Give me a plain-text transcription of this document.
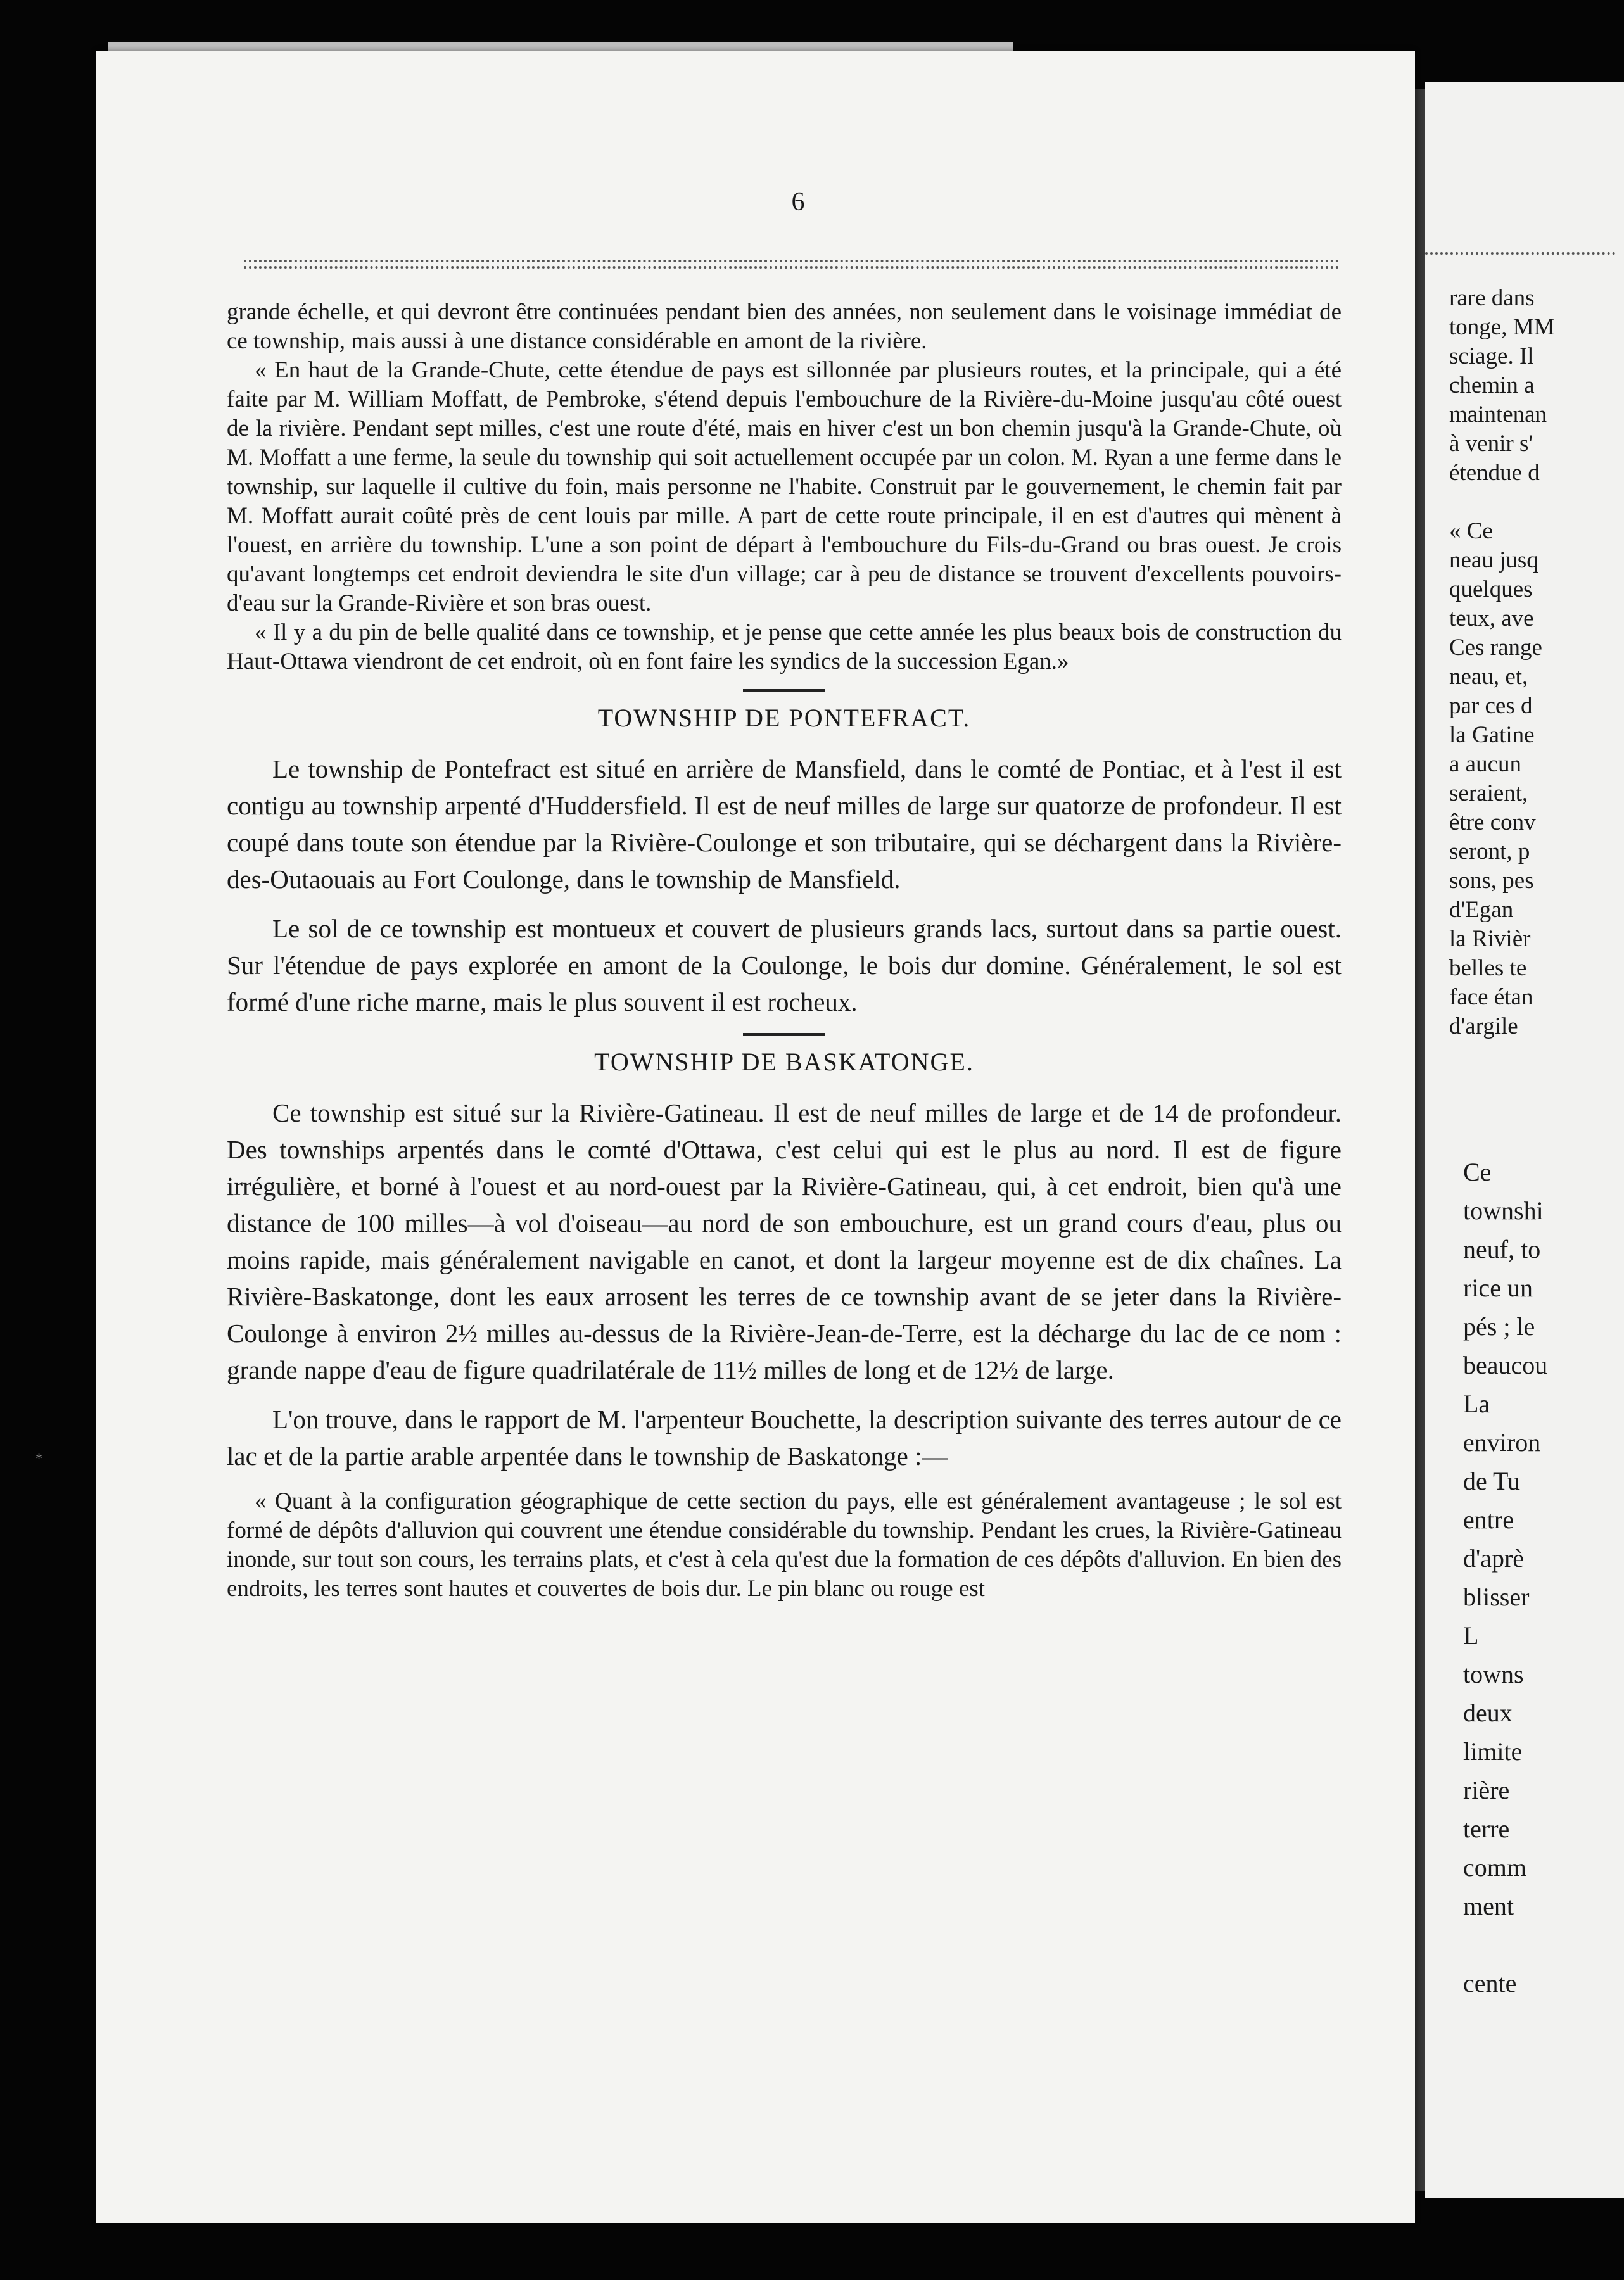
6

grande échelle, et qui devront être continuées pendant bien des années, non seulement dans le voisinage immédiat de ce township, mais aussi à une distance considérable en amont de la rivière.

« En haut de la Grande-Chute, cette étendue de pays est sillonnée par plusieurs routes, et la principale, qui a été faite par M. William Moffatt, de Pembroke, s'étend depuis l'embouchure de la Rivière-du-Moine jusqu'au côté ouest de la rivière. Pendant sept milles, c'est une route d'été, mais en hiver c'est un bon chemin jusqu'à la Grande-Chute, où M. Moffatt a une ferme, la seule du township qui soit actuellement occupée par un colon. M. Ryan a une ferme dans le township, sur laquelle il cultive du foin, mais personne ne l'habite. Construit par le gouvernement, le chemin fait par M. Moffatt aurait coûté près de cent louis par mille. A part de cette route principale, il en est d'autres qui mènent à l'ouest, en arrière du township. L'une a son point de départ à l'embouchure du Fils-du-Grand ou bras ouest. Je crois qu'avant longtemps cet endroit deviendra le site d'un village; car à peu de distance se trouvent d'excellents pouvoirs-d'eau sur la Grande-Rivière et son bras ouest.

« Il y a du pin de belle qualité dans ce township, et je pense que cette année les plus beaux bois de construction du Haut-Ottawa viendront de cet endroit, où en font faire les syndics de la succession Egan.»

TOWNSHIP DE PONTEFRACT.

Le township de Pontefract est situé en arrière de Mansfield, dans le comté de Pontiac, et à l'est il est contigu au township arpenté d'Huddersfield. Il est de neuf milles de large sur quatorze de profondeur. Il est coupé dans toute son étendue par la Rivière-Coulonge et son tributaire, qui se déchargent dans la Rivière-des-Outaouais au Fort Coulonge, dans le township de Mansfield.

Le sol de ce township est montueux et couvert de plusieurs grands lacs, surtout dans sa partie ouest. Sur l'étendue de pays explorée en amont de la Coulonge, le bois dur domine. Généralement, le sol est formé d'une riche marne, mais le plus souvent il est rocheux.

TOWNSHIP DE BASKATONGE.

Ce township est situé sur la Rivière-Gatineau. Il est de neuf milles de large et de 14 de profondeur. Des townships arpentés dans le comté d'Ottawa, c'est celui qui est le plus au nord. Il est de figure irrégulière, et borné à l'ouest et au nord-ouest par la Rivière-Gatineau, qui, à cet endroit, bien qu'à une distance de 100 milles—à vol d'oiseau—au nord de son embouchure, est un grand cours d'eau, plus ou moins rapide, mais généralement navigable en canot, et dont la largeur moyenne est de dix chaînes. La Rivière-Baskatonge, dont les eaux arrosent les terres de ce township avant de se jeter dans la Rivière-Coulonge à environ 2½ milles au-dessus de la Rivière-Jean-de-Terre, est la décharge du lac de ce nom : grande nappe d'eau de figure quadrilatérale de 11½ milles de long et de 12½ de large.

L'on trouve, dans le rapport de M. l'arpenteur Bouchette, la description suivante des terres autour de ce lac et de la partie arable arpentée dans le township de Baskatonge :—

« Quant à la configuration géographique de cette section du pays, elle est généralement avantageuse ; le sol est formé de dépôts d'alluvion qui couvrent une étendue considérable du township. Pendant les crues, la Rivière-Gatineau inonde, sur tout son cours, les terrains plats, et c'est à cela qu'est due la formation de ces dépôts d'alluvion. En bien des endroits, les terres sont hautes et couvertes de bois dur. Le pin blanc ou rouge est
rare dans
tonge, MM
sciage. Il
chemin a
maintenan
à venir s'
étendue d
« Ce
neau jusq
quelques
teux, ave
Ces range
neau, et,
par ces d
la Gatine
a aucun
seraient,
être conv
seront, p
sons, pes
d'Egan
la Rivièr
belles te
face étan
d'argile
Ce
townshi
neuf, to
rice un
pés ; le
beaucou
La
environ
de Tu
entre
d'aprè
blisser
L
towns
deux
limite
rière
terre
comm
ment
cente
*
